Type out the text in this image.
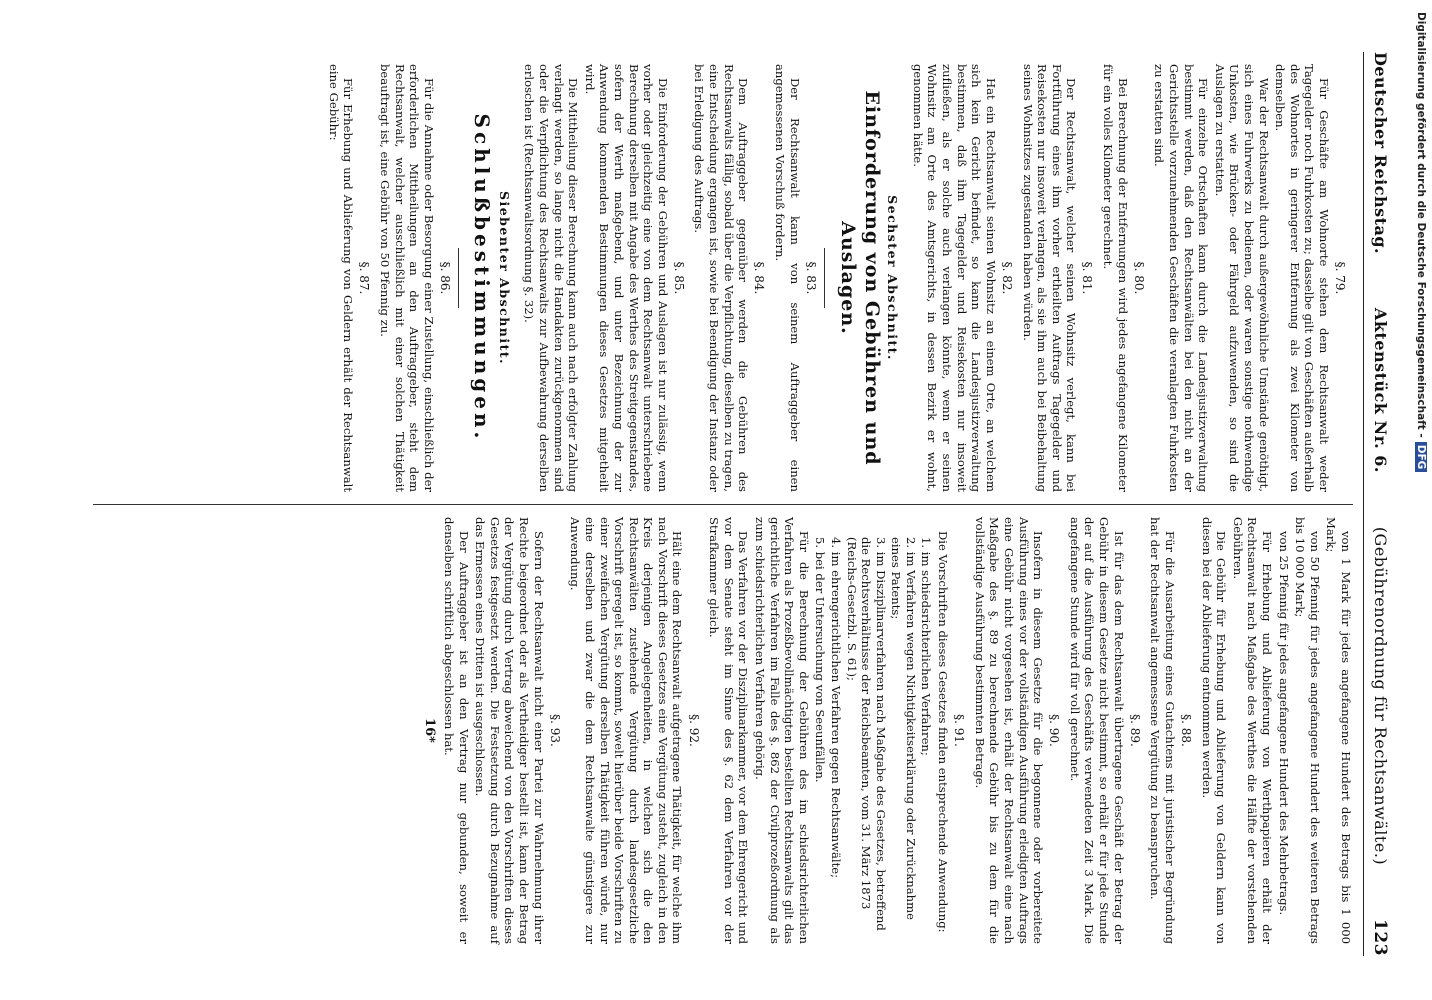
Deutscher Reichstag.
Aktenstück Nr. 6.
(Gebührenordnung für Rechtsanwälte.)
123
§. 79.
Für Geschäfte am Wohnorte stehen dem Rechtsanwalt weder Tagegelder noch Fuhrkosten zu; dasselbe gilt von Geschäften außerhalb des Wohnortes in geringerer Entfernung als zwei Kilometer von demselben.
War der Rechtsanwalt durch außergewöhnliche Umstände genöthigt, sich eines Fuhrwerks zu bedienen, oder waren sonstige nothwendige Unkosten, wie Brücken- oder Fährgeld aufzuwenden, so sind die Auslagen zu erstatten.
Für einzelne Ortschaften kann durch die Landesjustizverwaltung bestimmt werden, daß den Rechtsanwälten bei den nicht an der Gerichtsstelle vorzunehmenden Geschäften die veranlagten Fuhrkosten zu erstatten sind.
§. 80.
Bei Berechnung der Entfernungen wird jedes angefangene Kilometer für ein volles Kilometer gerechnet.
§. 81.
Der Rechtsanwalt, welcher seinen Wohnsitz verlegt, kann bei Fortführung eines ihm vorher ertheilten Auftrags Tagegelder und Reisekosten nur insoweit verlangen, als sie ihm auch bei Beibehaltung seines Wohnsitzes zugestanden haben würden.
§. 82.
Hat ein Rechtsanwalt seinen Wohnsitz an einem Orte, an welchem sich kein Gericht befindet, so kann die Landesjustizverwaltung bestimmen, daß ihm Tagegelder und Reisekosten nur insoweit zufließen, als er solche auch verlangen könnte, wenn er seinen Wohnsitz am Orte des Amtsgerichts, in dessen Bezirk er wohnt, genommen hätte.
Sechster Abschnitt.
Einforderung von Gebühren und Auslagen.
§. 83.
Der Rechtsanwalt kann von seinem Auftraggeber einen angemessenen Vorschuß fordern.
§. 84.
Dem Auftraggeber gegenüber werden die Gebühren des Rechtsanwalts fällig, sobald über die Verpflichtung, dieselben zu tragen, eine Entscheidung ergangen ist, sowie bei Beendigung der Instanz oder bei Erledigung des Auftrags.
§. 85.
Die Einforderung der Gebühren und Auslagen ist nur zulässig, wenn vorher oder gleichzeitig eine von dem Rechtsanwalt unterschriebene Berechnung derselben mit Angabe des Werthes des Streitgegenstandes, sofern der Werth maßgebend, und unter Bezeichnung der zur Anwendung kommenden Bestimmungen dieses Gesetzes mitgetheilt wird.
Die Mittheilung dieser Berechnung kann auch nach erfolgter Zahlung verlangt werden, so lange nicht die Handakten zurückgenommen sind oder die Verpflichtung des Rechtsanwalts zur Aufbewahrung derselben erloschen ist (Rechtsanwaltsordnung §. 32).
Siebenter Abschnitt.
Schlußbestimmungen.
§. 86.
Für die Annahme oder Besorgung einer Zustellung, einschließlich der erforderlichen Mittheilungen an den Auftraggeber, steht dem Rechtsanwalt, welcher ausschließlich mit einer solchen Thätigkeit beauftragt ist, eine Gebühr von 50 Pfennig zu.
§. 87.
Für Erhebung und Ablieferung von Geldern erhält der Rechtsanwalt eine Gebühr:
von 1 Mark für jedes angefangene Hundert des Betrags bis 1 000 Mark;
von 50 Pfennig für jedes angefangene Hundert des weiteren Betrags bis 10 000 Mark;
von 25 Pfennig für jedes angefangene Hundert des Mehrbetrags.
Für Erhebung und Ablieferung von Werthpapieren erhält der Rechtsanwalt nach Maßgabe des Werthes die Hälfte der vorstehenden Gebühren.
Die Gebühr für Erhebung und Ablieferung von Geldern kann von diesen bei der Ablieferung entnommen werden.
§. 88.
Für die Ausarbeitung eines Gutachtens mit juristischer Begründung hat der Rechtsanwalt angemessene Vergütung zu beanspruchen.
§. 89.
Ist für das dem Rechtsanwalt übertragene Geschäft der Betrag der Gebühr in diesem Gesetze nicht bestimmt, so erhält er für jede Stunde der auf die Ausführung des Geschäfts verwendeten Zeit 3 Mark. Die angefangene Stunde wird für voll gerechnet.
§. 90.
Insofern in diesem Gesetze für die begonnene oder vorbereitete Ausführung eines vor der vollständigen Ausführung erledigten Auftrags eine Gebühr nicht vorgesehen ist, erhält der Rechtsanwalt eine nach Maßgabe des §. 89 zu berechnende Gebühr bis zu dem für die vollständige Ausführung bestimmten Betrage.
§. 91.
Die Vorschriften dieses Gesetzes finden entsprechende Anwendung:
1. im schiedsrichterlichen Verfahren;
2. im Verfahren wegen Nichtigkeitserklärung oder Zurücknahme eines Patents;
3. im Disziplinarverfahren nach Maßgabe des Gesetzes, betreffend die Rechtsverhältnisse der Reichsbeamten, vom 31. März 1873 (Reichs-Gesetzbl. S. 61);
4. im ehrengerichtlichen Verfahren gegen Rechtsanwälte;
5. bei der Untersuchung von Seeunfällen.
Für die Berechnung der Gebühren des im schiedsrichterlichen Verfahren als Prozeßbevollmächtigten bestellten Rechtsanwalts gilt das gerichtliche Verfahren im Falle des §. 862 der Civilprozeßordnung als zum schiedsrichterlichen Verfahren gehörig.
Das Verfahren vor der Disziplinarkammer, vor dem Ehrengericht und vor dem Senate steht im Sinne des §. 62 dem Verfahren vor der Strafkammer gleich.
§. 92.
Hält eine dem Rechtsanwalt aufgetragene Thätigkeit, für welche ihm nach Vorschrift dieses Gesetzes eine Vergütung zusteht, zugleich in den Kreis derjenigen Angelegenheiten, in welchen sich die den Rechtsanwälten zustehende Vergütung durch landesgesetzliche Vorschrift geregelt ist, so kommt, sowelt hierüber beide Vorschriften zu einer zweifachen Vergütung derselben Thätigkeit führen würde, nur eine derselben und zwar die dem Rechtsanwalte günstigere zur Anwendung.
§. 93.
Sofern der Rechtsanwalt nicht einer Partei zur Wahrnehmung ihrer Rechte beigeordnet oder als Vertheidiger bestellt ist, kann der Betrag der Vergütung durch Vertrag abweichend von den Vorschriften dieses Gesetzes festgesetzt werden. Die Festsetzung durch Bezugnahme auf das Ermessen eines Dritten ist ausgeschlossen.
Der Auftraggeber ist an den Vertrag nur gebunden, soweit er denselben schriftlich abgeschlossen hat.
16*
Digitalisierung gefördert durch die Deutsche Forschungsgemeinschaft -DFG
